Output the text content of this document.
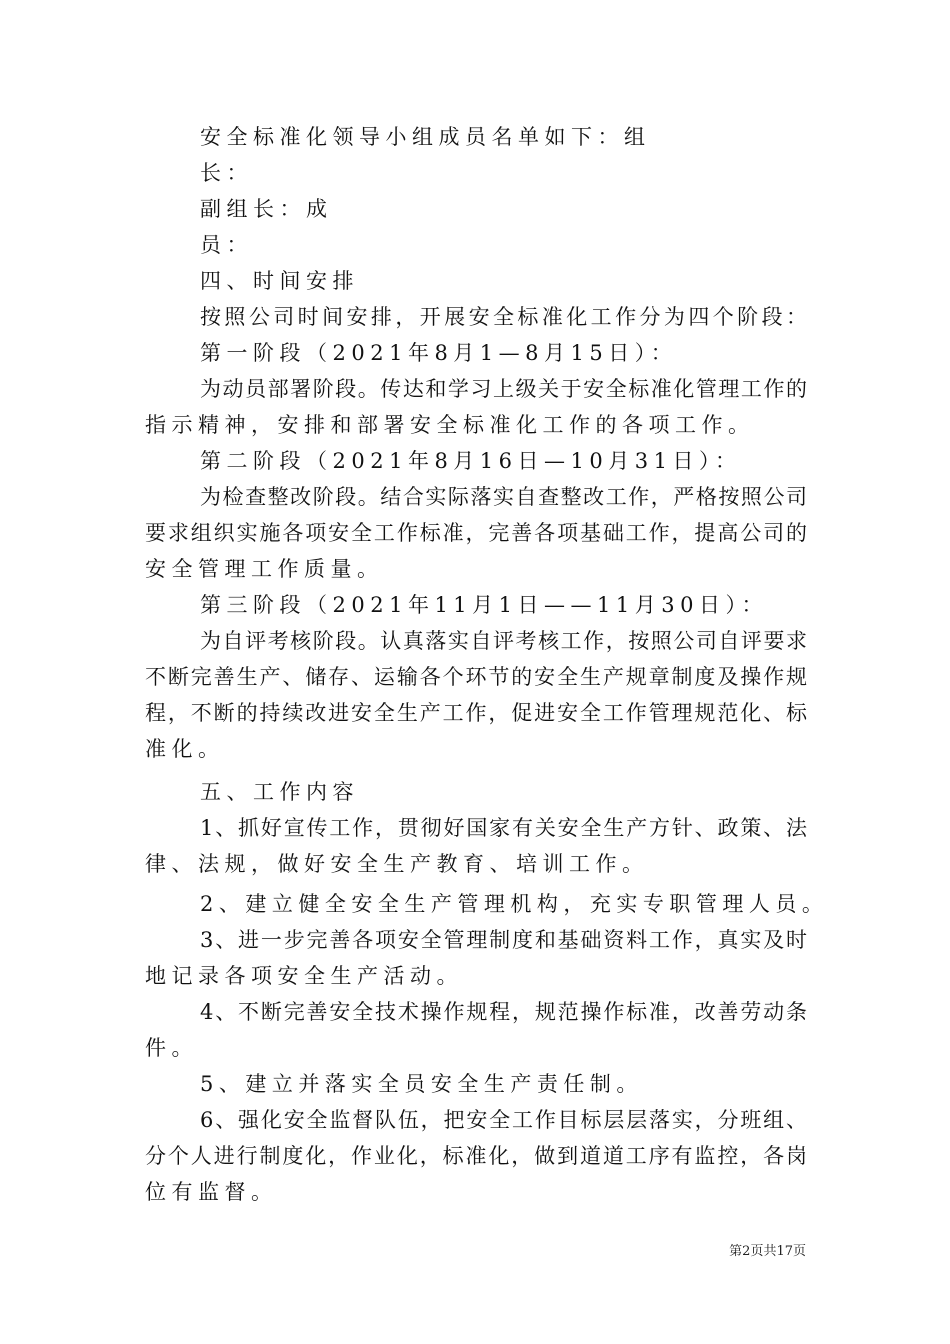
安全标准化领导小组成员名单如下：组
长：
副组长：成
员：
四、时间安排
按照公司时间安排，开展安全标准化工作分为四个阶段：
第一阶段（2021年8月1—8月15日）：
为动员部署阶段。传达和学习上级关于安全标准化管理工作的
指示精神，安排和部署安全标准化工作的各项工作。
第二阶段（2021年8月16日—10月31日）：
为检查整改阶段。结合实际落实自查整改工作，严格按照公司
要求组织实施各项安全工作标准，完善各项基础工作，提高公司的
安全管理工作质量。
第三阶段（2021年11月1日——11月30日）：
为自评考核阶段。认真落实自评考核工作，按照公司自评要求
不断完善生产、储存、运输各个环节的安全生产规章制度及操作规
程，不断的持续改进安全生产工作，促进安全工作管理规范化、标
准化。
五、工作内容
1、抓好宣传工作，贯彻好国家有关安全生产方针、政策、法
律、法规，做好安全生产教育、培训工作。
2、建立健全安全生产管理机构，充实专职管理人员。
3、进一步完善各项安全管理制度和基础资料工作，真实及时
地记录各项安全生产活动。
4、不断完善安全技术操作规程，规范操作标准，改善劳动条
件。
5、建立并落实全员安全生产责任制。
6、强化安全监督队伍，把安全工作目标层层落实，分班组、
分个人进行制度化，作业化，标准化，做到道道工序有监控，各岗
位有监督。
第2页共17页
